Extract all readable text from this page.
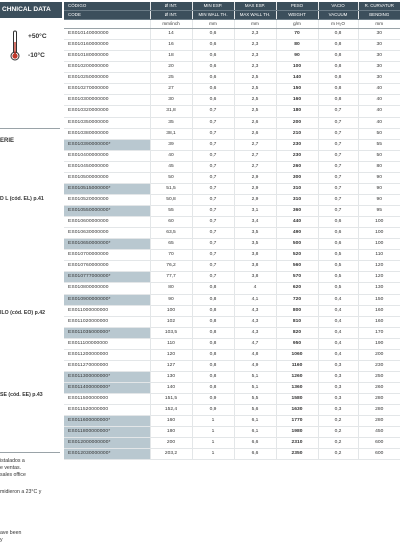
CHNICAL DATA
+50°C
-10°C
ERIE
D L (cód. EL) p.41
ILO (cód. EO) p.42
SE (cód. EE) p.43
istalados a
e ventas.
sales office
midieron a 23°C y
ave been
y
CÓDIGO	Ø INT.	MIN ESP.	MAX ESP.	PESO	VACIO	R. CURVATUR
CODE	Ø INT.	MIN WALL TH.	MAX WALL TH.	WEIGHT	VACUUM	BENDING
	mm/inch	mm	mm	g/m	m H₂O	mm
ES010140000000	14	0,6	2,3	70	0,8	30
ES010160000000	16	0,6	2,3	80	0,8	30
ES010180000000	18	0,6	2,3	90	0,8	30
ES010200000000	20	0,6	2,3	100	0,8	30
ES010250000000	25	0,6	2,5	140	0,8	30
ES010270000000	27	0,6	2,5	150	0,8	40
ES010300000000	30	0,6	2,5	160	0,8	40
ES010320000000	31,8	0,7	2,5	180	0,7	40
ES010350000000	35	0,7	2,6	200	0,7	40
ES010380000000	38,1	0,7	2,6	210	0,7	50
ES010390000000*	39	0,7	2,7	230	0,7	55
ES010400000000	40	0,7	2,7	230	0,7	50
ES010450000000	45	0,7	2,7	260	0,7	80
ES010500000000	50	0,7	2,9	300	0,7	90
ES010515000000*	51,5	0,7	2,9	310	0,7	90
ES010520000000	50,8	0,7	2,9	310	0,7	90
ES010550000000*	55	0,7	3,1	360	0,7	95
ES010600000000	60	0,7	3,4	440	0,6	100
ES010630000000	63,5	0,7	3,5	490	0,6	100
ES010650000000*	65	0,7	3,5	500	0,6	100
ES010700000000	70	0,7	3,8	520	0,5	110
ES010760000000	76,2	0,7	3,8	560	0,5	120
ES010777000000*	77,7	0,7	3,8	570	0,5	120
ES010800000000	80	0,8	4	620	0,5	130
ES010900000000*	90	0,8	4,1	720	0,4	150
ES011000000000	100	0,8	4,3	800	0,4	160
ES011020000000	102	0,8	4,3	810	0,4	160
ES011035000000*	103,5	0,8	4,3	820	0,4	170
ES011100000000	110	0,8	4,7	950	0,4	190
ES011200000000	120	0,8	4,8	1060	0,4	200
ES011270000000	127	0,8	4,9	1160	0,3	230
ES011300000000*	130	0,8	5,1	1260	0,3	250
ES011400000000*	140	0,8	5,1	1360	0,3	260
ES011500000000	151,5	0,9	5,5	1580	0,3	280
ES011520000000	152,4	0,9	5,6	1630	0,3	280
ES011600000000*	160	1	6,1	1770	0,2	280
ES011800000000*	180	1	6,1	1980	0,2	450
ES012000000000*	200	1	6,6	2310	0,2	600
ES012030000000*	203,2	1	6,6	2350	0,2	600
